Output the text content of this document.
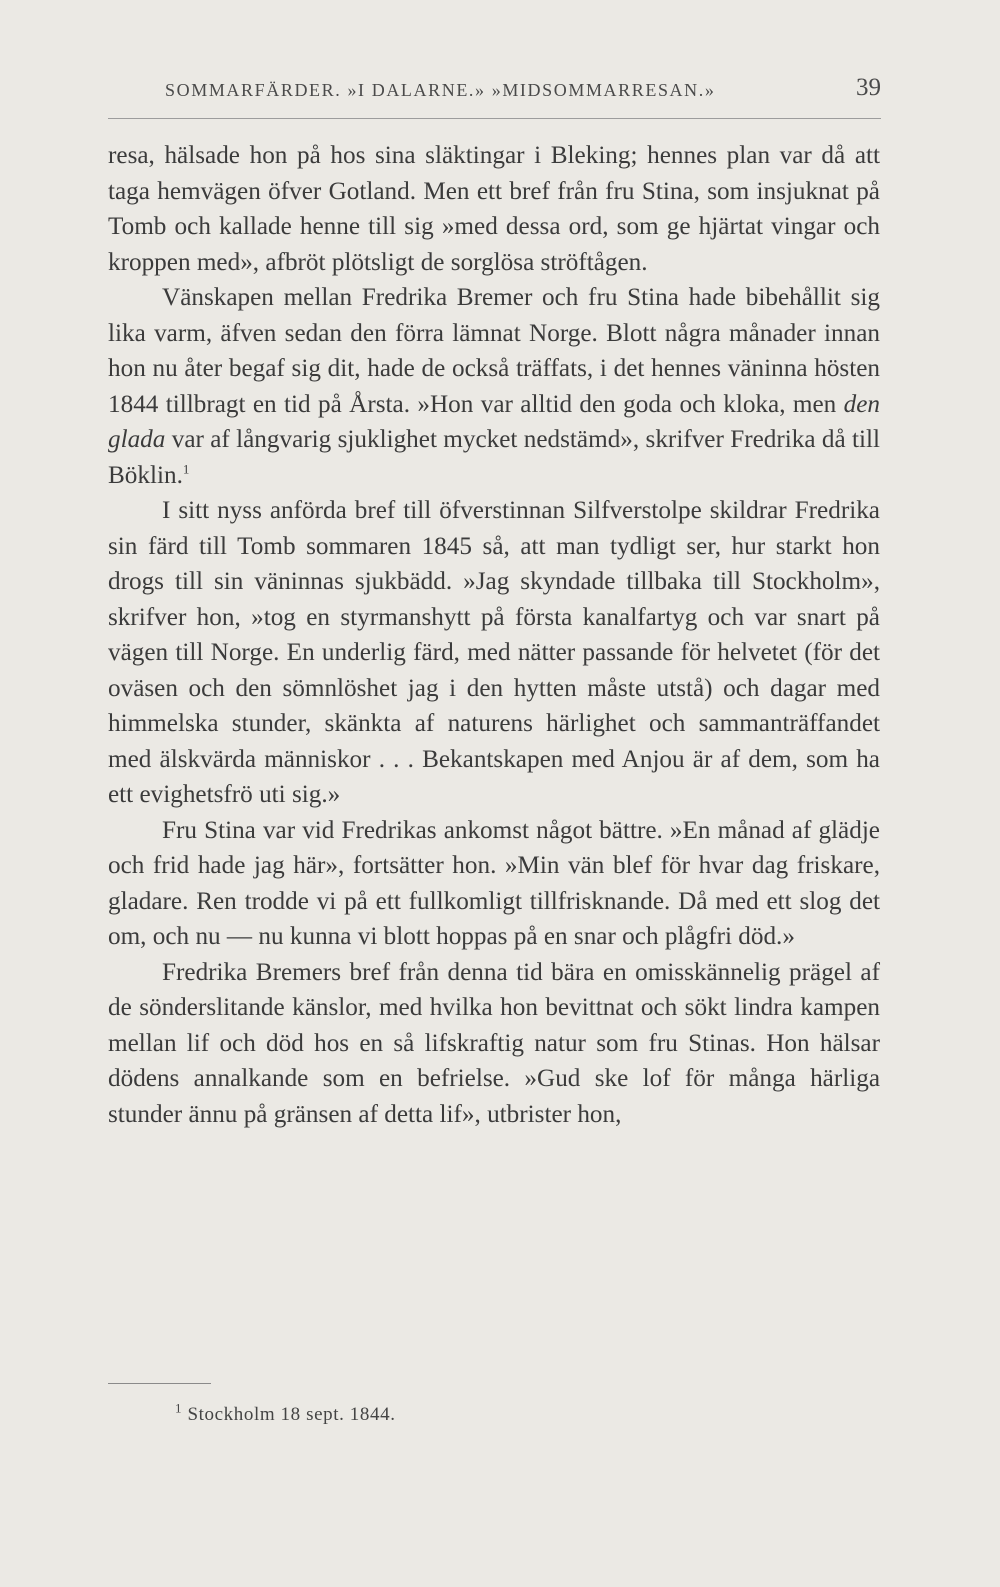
SOMMARFÄRDER. »I DALARNE.» »MIDSOMMARRESAN.»	39

resa, hälsade hon på hos sina släktingar i Bleking; hennes plan var då att taga hemvägen öfver Gotland. Men ett bref från fru Stina, som insjuknat på Tomb och kallade henne till sig »med dessa ord, som ge hjärtat vingar och kroppen med», afbröt plötsligt de sorglösa ströftågen.

Vänskapen mellan Fredrika Bremer och fru Stina hade bibehållit sig lika varm, äfven sedan den förra lämnat Norge. Blott några månader innan hon nu åter begaf sig dit, hade de också träffats, i det hennes väninna hösten 1844 tillbragt en tid på Årsta. »Hon var alltid den goda och kloka, men den glada var af långvarig sjuklighet mycket nedstämd», skrifver Fredrika då till Böklin.$^1$

I sitt nyss anförda bref till öfverstinnan Silfverstolpe skildrar Fredrika sin färd till Tomb sommaren 1845 så, att man tydligt ser, hur starkt hon drogs till sin väninnas sjukbädd. »Jag skyndade tillbaka till Stockholm», skrifver hon, »tog en styrmanshytt på första kanalfartyg och var snart på vägen till Norge. En underlig färd, med nätter passande för helvetet (för det oväsen och den sömnlöshet jag i den hytten måste utstå) och dagar med himmelska stunder, skänkta af naturens härlighet och sammanträffandet med älskvärda människor . . . Bekantskapen med Anjou är af dem, som ha ett evighetsfrö uti sig.»

Fru Stina var vid Fredrikas ankomst något bättre. »En månad af glädje och frid hade jag här», fortsätter hon. »Min vän blef för hvar dag friskare, gladare. Ren trodde vi på ett fullkomligt tillfrisknande. Då med ett slog det om, och nu — nu kunna vi blott hoppas på en snar och plågfri död.»

Fredrika Bremers bref från denna tid bära en omisskännelig prägel af de sönderslitande känslor, med hvilka hon bevittnat och sökt lindra kampen mellan lif och död hos en så lifskraftig natur som fru Stinas. Hon hälsar dödens annalkande som en befrielse. »Gud ske lof för många härliga stunder ännu på gränsen af detta lif», utbrister hon,

$^1$ Stockholm 18 sept. 1844.
